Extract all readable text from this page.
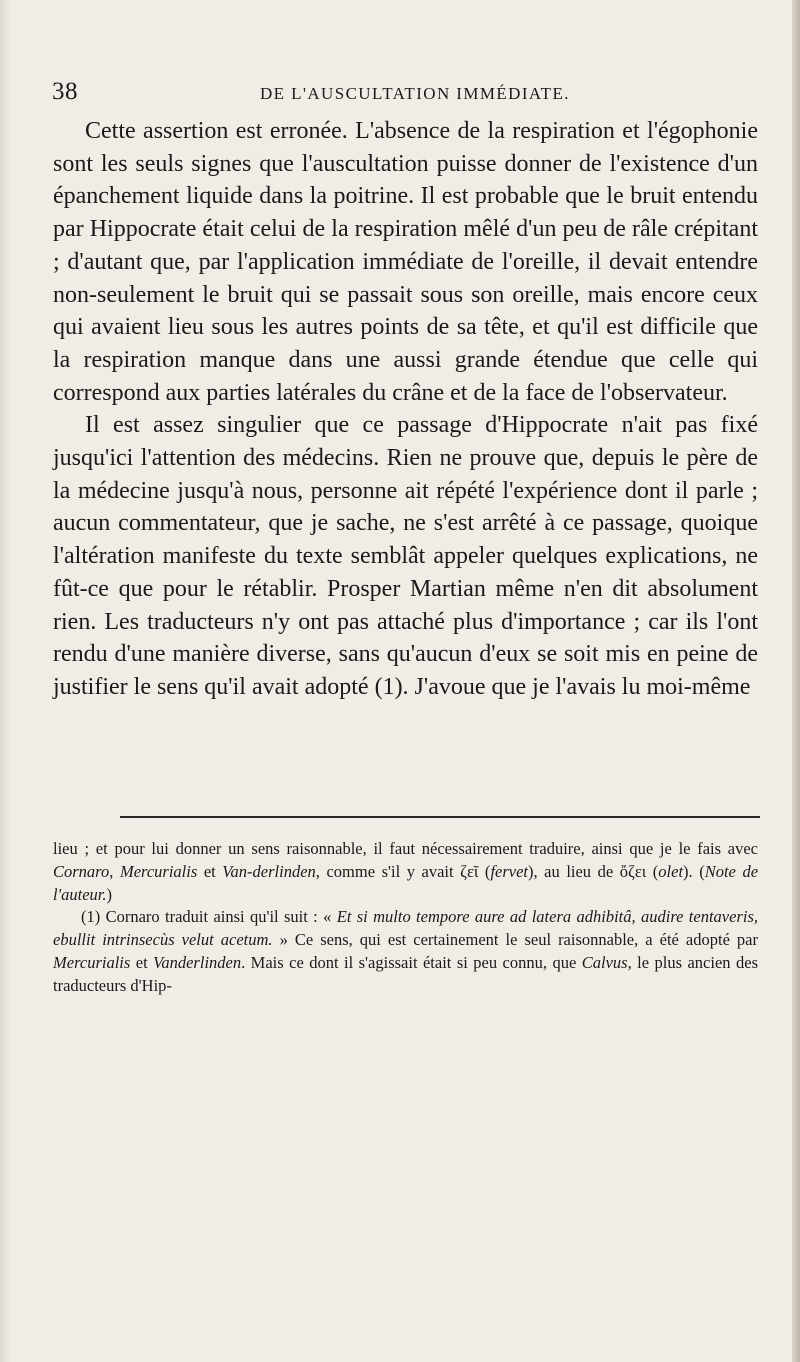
38	DE L'AUSCULTATION IMMÉDIATE.

Cette assertion est erronée. L'absence de la respiration et l'égophonie sont les seuls signes que l'auscultation puisse donner de l'existence d'un épanchement liquide dans la poitrine. Il est probable que le bruit entendu par Hippocrate était celui de la respiration mêlé d'un peu de râle crépitant ; d'autant que, par l'application immédiate de l'oreille, il devait entendre non-seulement le bruit qui se passait sous son oreille, mais encore ceux qui avaient lieu sous les autres points de sa tête, et qu'il est difficile que la respiration manque dans une aussi grande étendue que celle qui correspond aux parties latérales du crâne et de la face de l'observateur.

Il est assez singulier que ce passage d'Hippocrate n'ait pas fixé jusqu'ici l'attention des médecins. Rien ne prouve que, depuis le père de la médecine jusqu'à nous, personne ait répété l'expérience dont il parle ; aucun commentateur, que je sache, ne s'est arrêté à ce passage, quoique l'altération manifeste du texte semblât appeler quelques explications, ne fût-ce que pour le rétablir. Prosper Martian même n'en dit absolument rien. Les traducteurs n'y ont pas attaché plus d'importance ; car ils l'ont rendu d'une manière diverse, sans qu'aucun d'eux se soit mis en peine de justifier le sens qu'il avait adopté (1). J'avoue que je l'avais lu moi-même

lieu ; et pour lui donner un sens raisonnable, il faut nécessairement traduire, ainsi que je le fais avec Cornaro, Mercurialis et Van-derlinden, comme s'il y avait ζεῖ (fervet), au lieu de ὄζει (olet). (Note de l'auteur.)

(1) Cornaro traduit ainsi qu'il suit : « Et si multo tempore aure ad latera adhibitâ, audire tentaveris, ebullit intrinsecùs velut acetum. » Ce sens, qui est certainement le seul raisonnable, a été adopté par Mercurialis et Vanderlinden. Mais ce dont il s'agissait était si peu connu, que Calvus, le plus ancien des traducteurs d'Hip-
